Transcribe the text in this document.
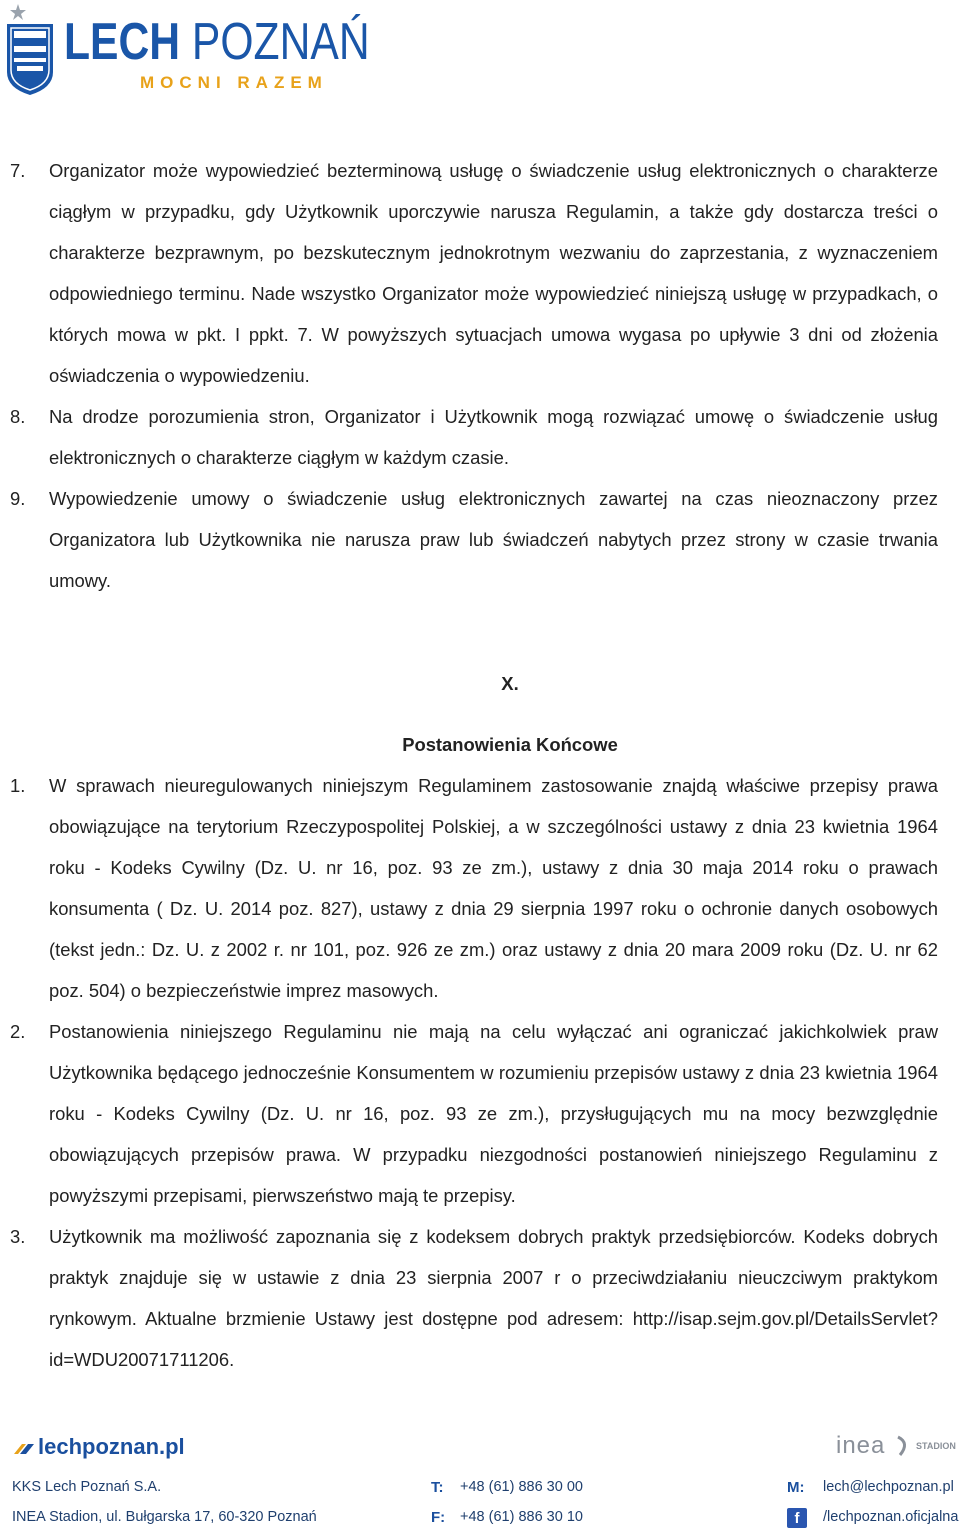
LECH POZNAŃ
MOCNI RAZEM
7. Organizator może wypowiedzieć bezterminową usługę o świadczenie usług elektronicznych o charakterze ciągłym w przypadku, gdy Użytkownik uporczywie narusza Regulamin, a także gdy dostarcza treści o charakterze bezprawnym, po bezskutecznym jednokrotnym wezwaniu do zaprzestania, z wyznaczeniem odpowiedniego terminu. Nade wszystko Organizator może wypowiedzieć niniejszą usługę w przypadkach, o których mowa w pkt. I ppkt. 7. W powyższych sytuacjach umowa wygasa po upływie 3 dni od złożenia oświadczenia o wypowiedzeniu.
8. Na drodze porozumienia stron, Organizator i Użytkownik mogą rozwiązać umowę o świadczenie usług elektronicznych o charakterze ciągłym w każdym czasie.
9. Wypowiedzenie umowy o świadczenie usług elektronicznych zawartej na czas nieoznaczony przez Organizatora lub Użytkownika nie narusza praw lub świadczeń nabytych przez strony w czasie trwania umowy.
X.
Postanowienia Końcowe
1. W sprawach nieuregulowanych niniejszym Regulaminem zastosowanie znajdą właściwe przepisy prawa obowiązujące na terytorium Rzeczypospolitej Polskiej, a w szczególności ustawy z dnia 23 kwietnia 1964 roku - Kodeks Cywilny (Dz. U. nr 16, poz. 93 ze zm.), ustawy z dnia 30 maja 2014 roku o prawach konsumenta ( Dz. U. 2014 poz. 827), ustawy z dnia 29 sierpnia 1997 roku o ochronie danych osobowych (tekst jedn.: Dz. U. z 2002 r. nr 101, poz. 926 ze zm.) oraz ustawy z dnia 20 mara 2009 roku (Dz. U. nr 62 poz. 504) o bezpieczeństwie imprez masowych.
2. Postanowienia niniejszego Regulaminu nie mają na celu wyłączać ani ograniczać jakichkolwiek praw Użytkownika będącego jednocześnie Konsumentem w rozumieniu przepisów ustawy z dnia 23 kwietnia 1964 roku - Kodeks Cywilny (Dz. U. nr 16, poz. 93 ze zm.), przysługujących mu na mocy bezwzględnie obowiązujących przepisów prawa. W przypadku niezgodności postanowień niniejszego Regulaminu z powyższymi przepisami, pierwszeństwo mają te przepisy.
3. Użytkownik ma możliwość zapoznania się z kodeksem dobrych praktyk przedsiębiorców. Kodeks dobrych praktyk znajduje się w ustawie z dnia 23 sierpnia 2007 r o przeciwdziałaniu nieuczciwym praktykom rynkowym. Aktualne brzmienie Ustawy jest dostępne pod adresem: http://isap.sejm.gov.pl/DetailsServlet?id=WDU20071711206.
lechpoznan.pl	inea	STADION
KKS Lech Poznań S.A.
INEA Stadion, ul. Bułgarska 17, 60-320 Poznań
T: +48 (61) 886 30 00
F: +48 (61) 886 30 10
M: lech@lechpoznan.pl
f	/lechpoznan.oficjalna
